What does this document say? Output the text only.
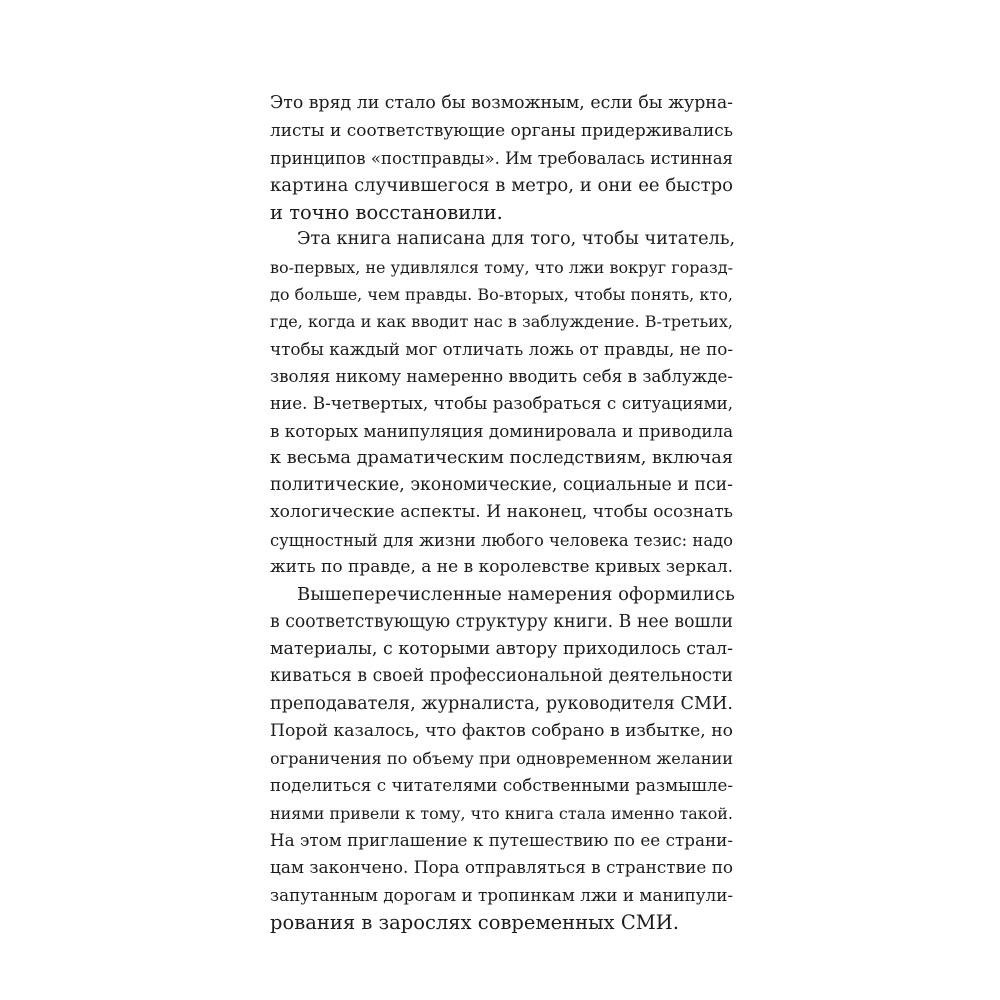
Это вряд ли стало бы возможным, если бы журна-
листы и соответствующие органы придерживались
принципов «постправды». Им требовалась истинная
картина случившегося в метро, и они ее быстро
и точно восстановили.

Эта книга написана для того, чтобы читатель,
во-первых, не удивлялся тому, что лжи вокруг горазд-
до больше, чем правды. Во-вторых, чтобы понять, кто,
где, когда и как вводит нас в заблуждение. В-третьих,
чтобы каждый мог отличать ложь от правды, не по-
зволяя никому намеренно вводить себя в заблужде-
ние. В-четвертых, чтобы разобраться с ситуациями,
в которых манипуляция доминировала и приводила
к весьма драматическим последствиям, включая
политические, экономические, социальные и пси-
хологические аспекты. И наконец, чтобы осознать
сущностный для жизни любого человека тезис: надо
жить по правде, а не в королевстве кривых зеркал.

Вышеперечисленные намерения оформились
в соответствующую структуру книги. В нее вошли
материалы, с которыми автору приходилось стал-
киваться в своей профессиональной деятельности
преподавателя, журналиста, руководителя СМИ.
Порой казалось, что фактов собрано в избытке, но
ограничения по объему при одновременном желании
поделиться с читателями собственными размышле-
ниями привели к тому, что книга стала именно такой.
На этом приглашение к путешествию по ее страни-
цам закончено. Пора отправляться в странствие по
запутанным дорогам и тропинкам лжи и манипули-
рования в зарослях современных СМИ.
